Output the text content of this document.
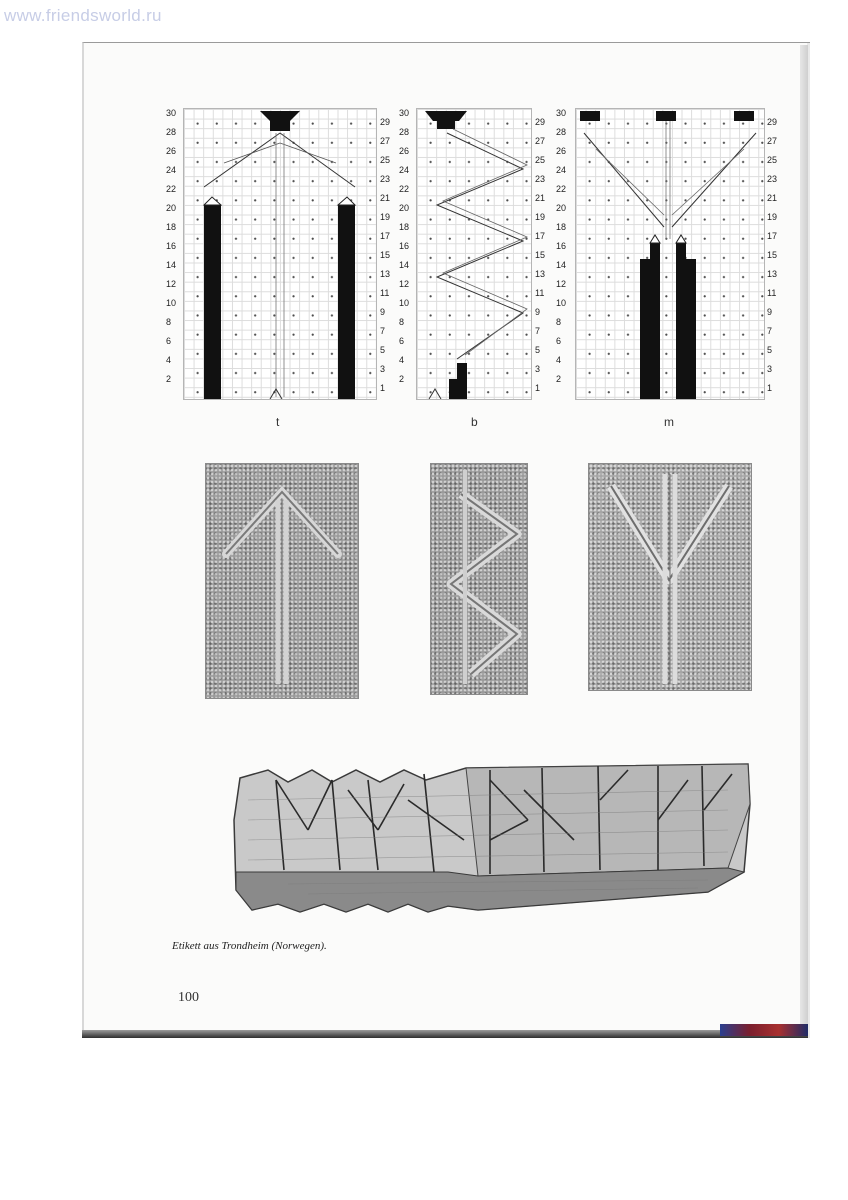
www.friendsworld.ru
30
28
26
24
22
20
18
16
14
12
10
8
6
4
2
29
27
25
23
21
19
17
15
13
11
9
7
5
3
1
t
30
28
26
24
22
20
18
16
14
12
10
8
6
4
2
29
27
25
23
21
19
17
15
13
11
9
7
5
3
1
b
30
28
26
24
22
20
18
16
14
12
10
8
6
4
2
29
27
25
23
21
19
17
15
13
11
9
7
5
3
1
m
Etikett aus Trondheim (Norwegen).
100
